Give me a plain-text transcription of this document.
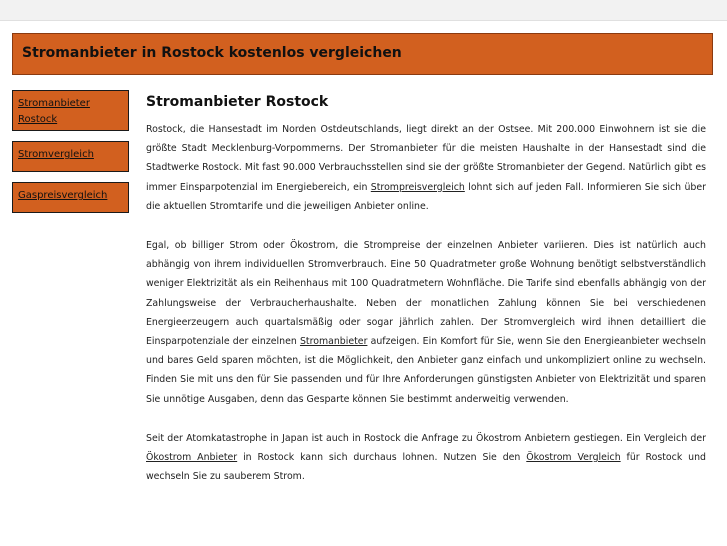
Stromanbieter in Rostock kostenlos vergleichen
Stromanbieter Rostock
Stromvergleich
Gaspreisvergleich
Stromanbieter Rostock

Rostock, die Hansestadt im Norden Ostdeutschlands, liegt direkt an der Ostsee. Mit 200.000 Einwohnern ist sie die größte Stadt Mecklenburg-Vorpommerns. Der Stromanbieter für die meisten Haushalte in der Hansestadt sind die Stadtwerke Rostock. Mit fast 90.000 Verbrauchsstellen sind sie der größte Stromanbieter der Gegend. Natürlich gibt es immer Einsparpotenzial im Energiebereich, ein Strompreisvergleich lohnt sich auf jeden Fall. Informieren Sie sich über die aktuellen Stromtarife und die jeweiligen Anbieter online.

Egal, ob billiger Strom oder Ökostrom, die Strompreise der einzelnen Anbieter variieren. Dies ist natürlich auch abhängig von ihrem individuellen Stromverbrauch. Eine 50 Quadratmeter große Wohnung benötigt selbstverständlich weniger Elektrizität als ein Reihenhaus mit 100 Quadratmetern Wohnfläche. Die Tarife sind ebenfalls abhängig von der Zahlungsweise der Verbraucherhaushalte. Neben der monatlichen Zahlung können Sie bei verschiedenen Energieerzeugern auch quartalsmäßig oder sogar jährlich zahlen. Der Stromvergleich wird ihnen detailliert die Einsparpotenziale der einzelnen Stromanbieter aufzeigen. Ein Komfort für Sie, wenn Sie den Energieanbieter wechseln und bares Geld sparen möchten, ist die Möglichkeit, den Anbieter ganz einfach und unkompliziert online zu wechseln. Finden Sie mit uns den für Sie passenden und für Ihre Anforderungen günstigsten Anbieter von Elektrizität und sparen Sie unnötige Ausgaben, denn das Gesparte können Sie bestimmt anderweitig verwenden.

Seit der Atomkatastrophe in Japan ist auch in Rostock die Anfrage zu Ökostrom Anbietern gestiegen. Ein Vergleich der Ökostrom Anbieter in Rostock kann sich durchaus lohnen. Nutzen Sie den Ökostrom Vergleich für Rostock und wechseln Sie zu sauberem Strom.
